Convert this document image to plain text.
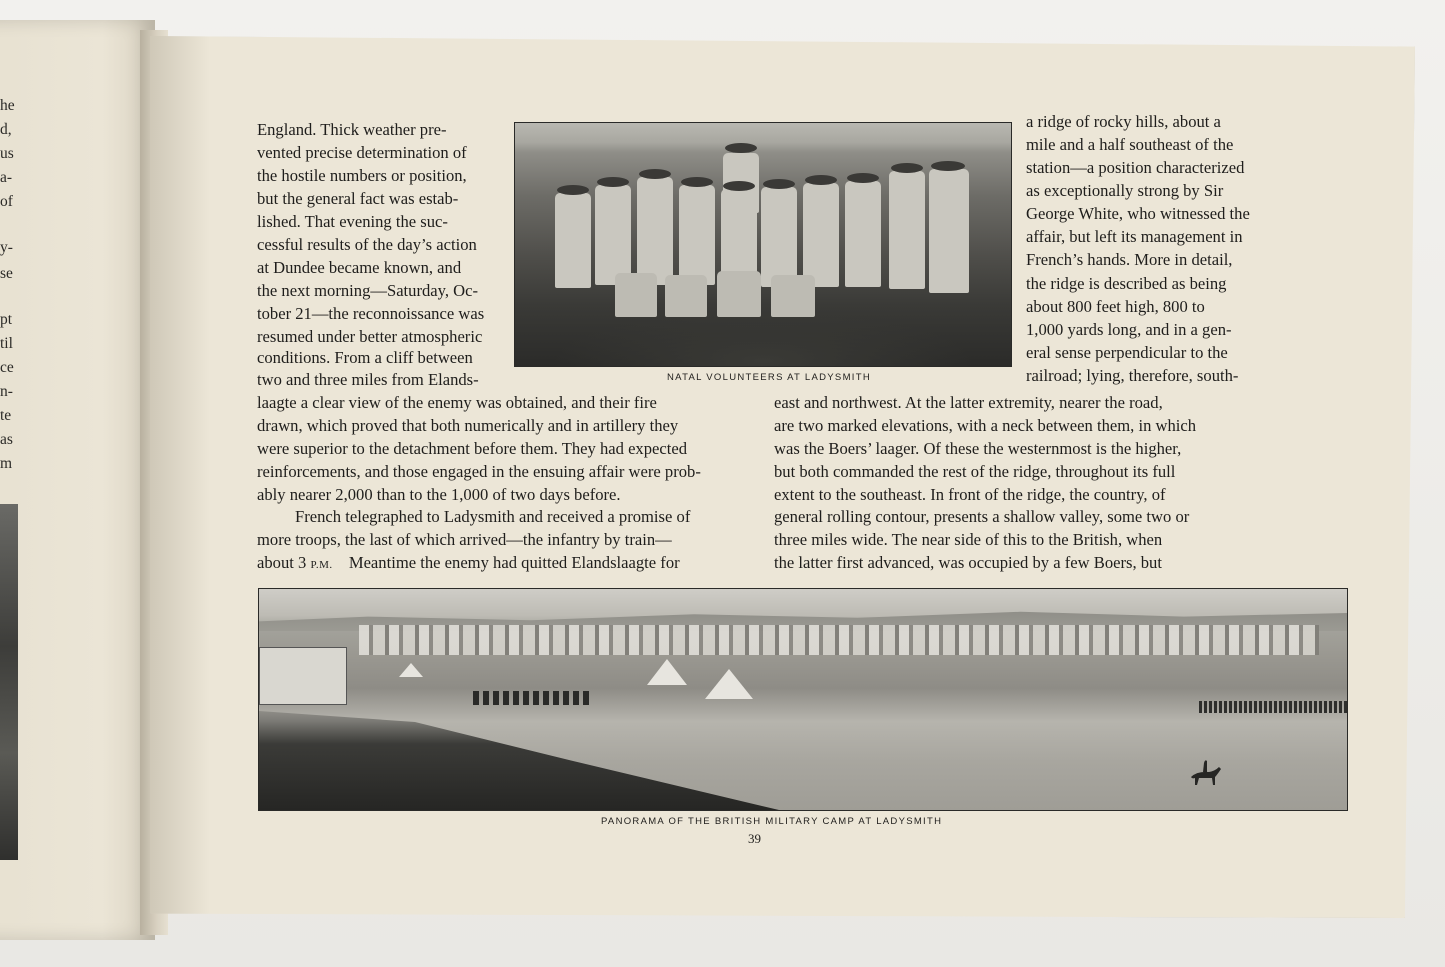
he
d,
us
a-
of
y-
se
pt
til
ce
n-
te
as
m
England. Thick weather pre-
vented precise determination of
the hostile numbers or position,
but the general fact was estab-
lished. That evening the suc-
cessful results of the day’s action
at Dundee became known, and
the next morning—Saturday, Oc-
tober 21—the reconnoissance was
resumed under better atmospheric
conditions. From a cliff between
two and three miles from Elands-	NATAL VOLUNTEERS AT LADYSMITH
a ridge of rocky hills, about a
mile and a half southeast of the
station—a position characterized
as exceptionally strong by Sir
George White, who witnessed the
affair, but left its management in
French’s hands. More in detail,
the ridge is described as being
about 800 feet high, 800 to
1,000 yards long, and in a gen-
eral sense perpendicular to the
railroad; lying, therefore, south-
laagte a clear view of the enemy was obtained, and their fire
drawn, which proved that both numerically and in artillery they
were superior to the detachment before them. They had expected
reinforcements, and those engaged in the ensuing affair were prob-
ably nearer 2,000 than to the 1,000 of two days before.
French telegraphed to Ladysmith and received a promise of
more troops, the last of which arrived—the infantry by train—
about 3 P.M. Meantime the enemy had quitted Elandslaagte for
east and northwest. At the latter extremity, nearer the road,
are two marked elevations, with a neck between them, in which
was the Boers’ laager. Of these the westernmost is the higher,
but both commanded the rest of the ridge, throughout its full
extent to the southeast. In front of the ridge, the country, of
general rolling contour, presents a shallow valley, some two or
three miles wide. The near side of this to the British, when
the latter first advanced, was occupied by a few Boers, but
PANORAMA OF THE BRITISH MILITARY CAMP AT LADYSMITH
39
